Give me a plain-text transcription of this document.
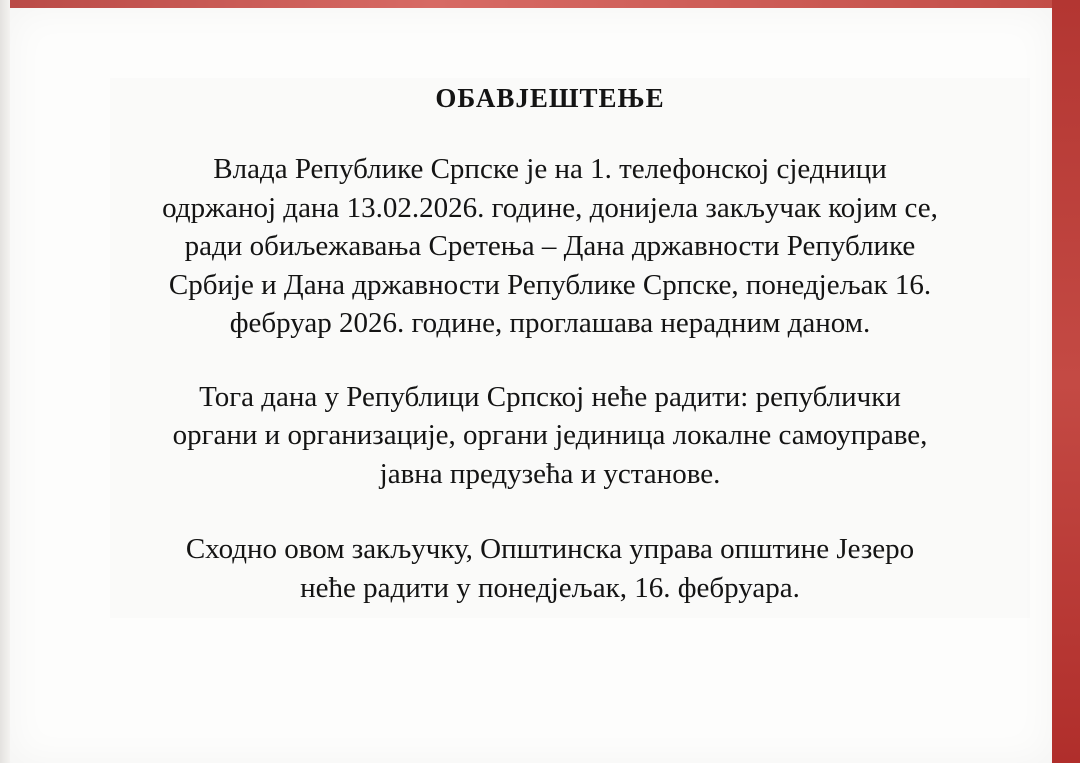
ОБАВЈЕШТЕЊЕ

Влада Републике Српске је на 1. телефонској сједници
одржаној дана 13.02.2026. године, донијела закључак којим се,
ради обиљежавања Сретења – Дана државности Републике
Србије и Дана државности Републике Српске, понедјељак 16.
фебруар 2026. године, проглашава нерадним даном.

Тога дана у Републици Српској неће радити: републички
органи и организације, органи јединица локалне самоуправе,
јавна предузећа и установе.

Сходно овом закључку, Општинска управа општине Језеро
неће радити у понедјељак, 16. фебруара.
